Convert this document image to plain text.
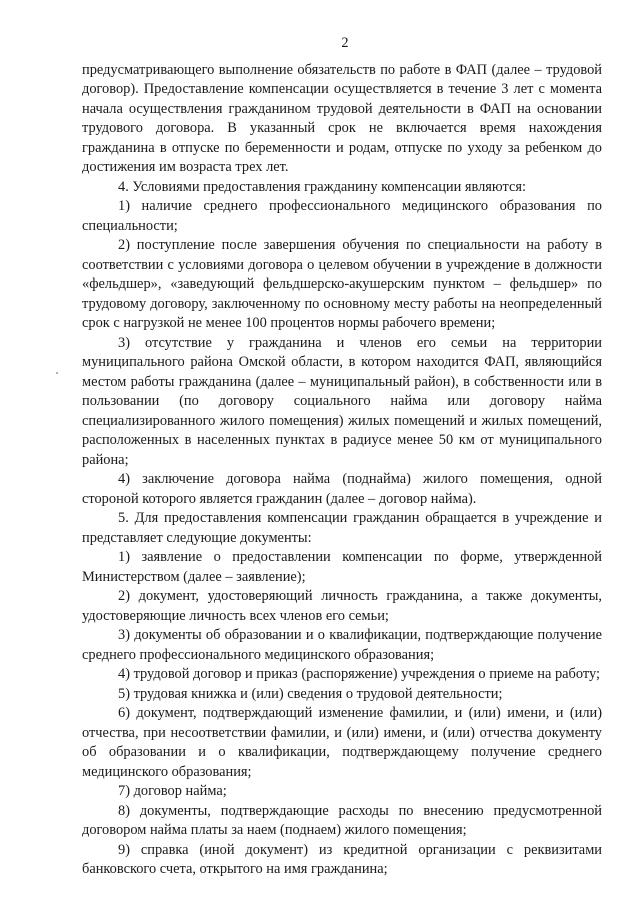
2

предусматривающего выполнение обязательств по работе в ФАП (далее – трудовой договор). Предоставление компенсации осуществляется в течение 3 лет с момента начала осуществления гражданином трудовой деятельности в ФАП на основании трудового договора. В указанный срок не включается время нахождения гражданина в отпуске по беременности и родам, отпуске по уходу за ребенком до достижения им возраста трех лет.

4. Условиями предоставления гражданину компенсации являются:

1) наличие среднего профессионального медицинского образования по специальности;

2) поступление после завершения обучения по специальности на работу в соответствии с условиями договора о целевом обучении в учреждение в должности «фельдшер», «заведующий фельдшерско-акушерским пунктом – фельдшер» по трудовому договору, заключенному по основному месту работы на неопределенный срок с нагрузкой не менее 100 процентов нормы рабочего времени;

3) отсутствие у гражданина и членов его семьи на территории муниципального района Омской области, в котором находится ФАП, являющийся местом работы гражданина (далее – муниципальный район), в собственности или в пользовании (по договору социального найма или договору найма специализированного жилого помещения) жилых помещений и жилых помещений, расположенных в населенных пунктах в радиусе менее 50 км от муниципального района;

4) заключение договора найма (поднайма) жилого помещения, одной стороной которого является гражданин (далее – договор найма).

5. Для предоставления компенсации гражданин обращается в учреждение и представляет следующие документы:

1) заявление о предоставлении компенсации по форме, утвержденной Министерством (далее – заявление);

2) документ, удостоверяющий личность гражданина, а также документы, удостоверяющие личность всех членов его семьи;

3) документы об образовании и о квалификации, подтверждающие получение среднего профессионального медицинского образования;

4) трудовой договор и приказ (распоряжение) учреждения о приеме на работу;

5) трудовая книжка и (или) сведения о трудовой деятельности;

6) документ, подтверждающий изменение фамилии, и (или) имени, и (или) отчества, при несоответствии фамилии, и (или) имени, и (или) отчества документу об образовании и о квалификации, подтверждающему получение среднего медицинского образования;

7) договор найма;

8) документы, подтверждающие расходы по внесению предусмотренной договором найма платы за наем (поднаем) жилого помещения;

9) справка (иной документ) из кредитной организации с реквизитами банковского счета, открытого на имя гражданина;
